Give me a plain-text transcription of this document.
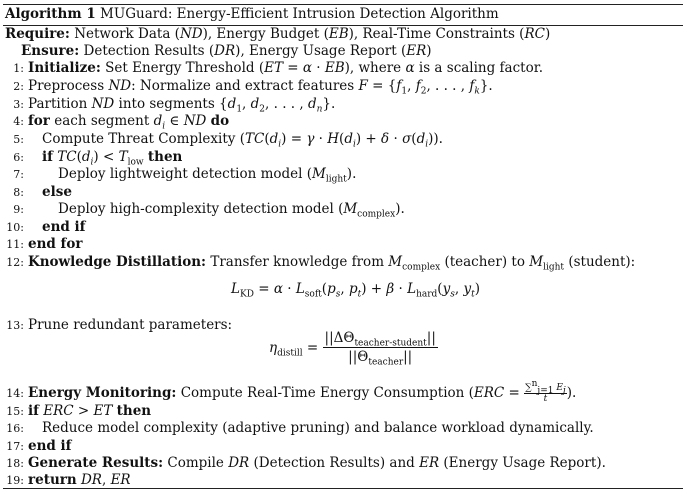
Algorithm 1 MUGuard: Energy-Efficient Intrusion Detection Algorithm
Require: Network Data (ND), Energy Budget (EB), Real-Time Constraints (RC)
Ensure: Detection Results (DR), Energy Usage Report (ER)
1: Initialize: Set Energy Threshold (ET = α · EB), where α is a scaling factor.
2: Preprocess ND: Normalize and extract features $F = \{f_1$, $f_2$, . . . , $f_k$}.
3: Partition ND into segments {$d_1$, $d_2$, . . . , $d_n$}.
4: for each segment $d_i$ ∈ ND do
5: Compute Threat Complexity $(TC(d_i) = \gamma \cdot H(d_i) + \delta \cdot \sigma(d_i))$.
6: if $TC(d_i) < T_{low}$ then
7:	Deploy lightweight detection model $(M_{light})$.
8: else
9:	Deploy high-complexity detection model $(M_{complex})$.
10: end if
11: end for
12: Knowledge Distillation: Transfer knowledge from $M_{complex}$ (teacher) to $M_{light}$ (student):
$L_{KD} = \alpha \cdot L_{soft}(p_s$, $p_t) + \beta \cdot L_{hard}(y_s$, $y_t$)
13: Prune redundant parameters:
$\eta_{distill} = \frac{||\Delta\Theta_{teacher-student}||}{||\Theta_{teacher}||}$
14: Energy Monitoring: Compute Real-Time Energy Consumption ($ERC = \frac{\sum^n_{j=1} E_j}{t}$ ).
15: if ERC > ET then
16: Reduce model complexity (adaptive pruning) and balance workload dynamically.
17: end if
18: Generate Results: Compile DR (Detection Results) and ER (Energy Usage Report).
19: return DR, ER
